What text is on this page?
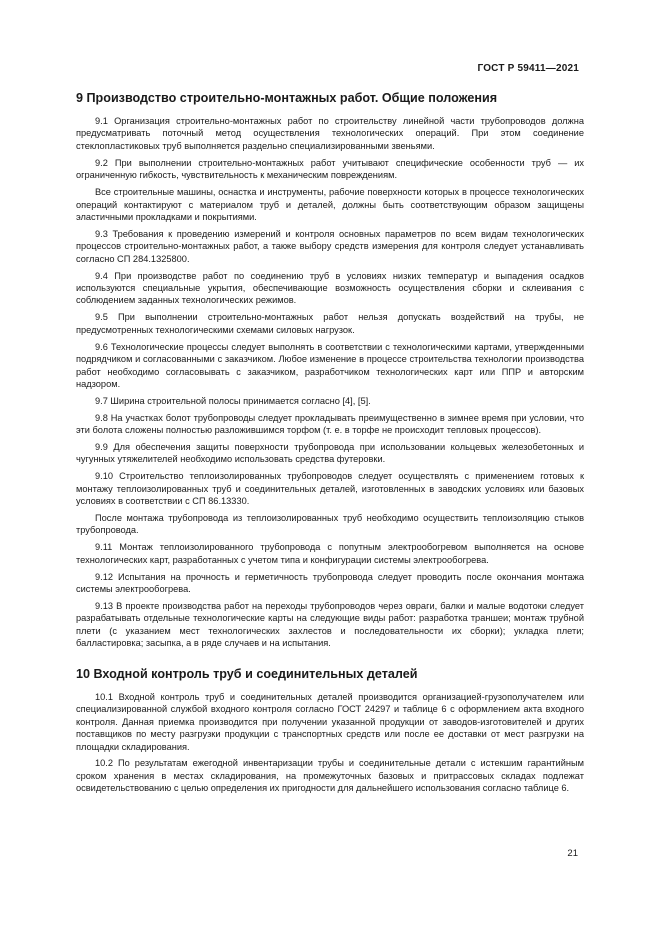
ГОСТ Р 59411—2021
9 Производство строительно-монтажных работ. Общие положения

9.1 Организация строительно-монтажных работ по строительству линейной части трубопроводов должна предусматривать поточный метод осуществления технологических операций. При этом соединение стеклопластиковых труб выполняется раздельно специализированными звеньями.

9.2 При выполнении строительно-монтажных работ учитывают специфические особенности труб — их ограниченную гибкость, чувствительность к механическим повреждениям.

Все строительные машины, оснастка и инструменты, рабочие поверхности которых в процессе технологических операций контактируют с материалом труб и деталей, должны быть соответствующим образом защищены эластичными прокладками и покрытиями.

9.3 Требования к проведению измерений и контроля основных параметров по всем видам технологических процессов строительно-монтажных работ, а также выбору средств измерения для контроля следует устанавливать согласно СП 284.1325800.

9.4 При производстве работ по соединению труб в условиях низких температур и выпадения осадков используются специальные укрытия, обеспечивающие возможность осуществления сборки и склеивания с соблюдением заданных технологических режимов.

9.5 При выполнении строительно-монтажных работ нельзя допускать воздействий на трубы, не предусмотренных технологическими схемами силовых нагрузок.

9.6 Технологические процессы следует выполнять в соответствии с технологическими картами, утвержденными подрядчиком и согласованными с заказчиком. Любое изменение в процессе строительства технологии производства работ необходимо согласовывать с заказчиком, разработчиком технологических карт или ППР и авторским надзором.

9.7 Ширина строительной полосы принимается согласно [4], [5].

9.8 На участках болот трубопроводы следует прокладывать преимущественно в зимнее время при условии, что эти болота сложены полностью разложившимся торфом (т. е. в торфе не происходит тепловых процессов).

9.9 Для обеспечения защиты поверхности трубопровода при использовании кольцевых железобетонных и чугунных утяжелителей необходимо использовать средства футеровки.

9.10 Строительство теплоизолированных трубопроводов следует осуществлять с применением готовых к монтажу теплоизолированных труб и соединительных деталей, изготовленных в заводских условиях или базовых условиях в соответствии с СП 86.13330.

После монтажа трубопровода из теплоизолированных труб необходимо осуществить теплоизоляцию стыков трубопровода.

9.11 Монтаж теплоизолированного трубопровода с попутным электрообогревом выполняется на основе технологических карт, разработанных с учетом типа и конфигурации системы электрообогрева.

9.12 Испытания на прочность и герметичность трубопровода следует проводить после окончания монтажа системы электрообогрева.

9.13 В проекте производства работ на переходы трубопроводов через овраги, балки и малые водотоки следует разрабатывать отдельные технологические карты на следующие виды работ: разработка траншеи; монтаж трубной плети (с указанием мест технологических захлестов и последовательности их сборки); укладка плети; балластировка; засыпка, а в ряде случаев и на испытания.

10 Входной контроль труб и соединительных деталей

10.1 Входной контроль труб и соединительных деталей производится организацией-грузополучателем или специализированной службой входного контроля согласно ГОСТ 24297 и таблице 6 с оформлением акта входного контроля. Данная приемка производится при получении указанной продукции от заводов-изготовителей и других поставщиков по месту разгрузки продукции с транспортных средств или после ее доставки от мест разгрузки на площадки складирования.

10.2 По результатам ежегодной инвентаризации трубы и соединительные детали с истекшим гарантийным сроком хранения в местах складирования, на промежуточных базовых и притрассовых складах подлежат освидетельствованию с целью определения их пригодности для дальнейшего использования согласно таблице 6.

21
